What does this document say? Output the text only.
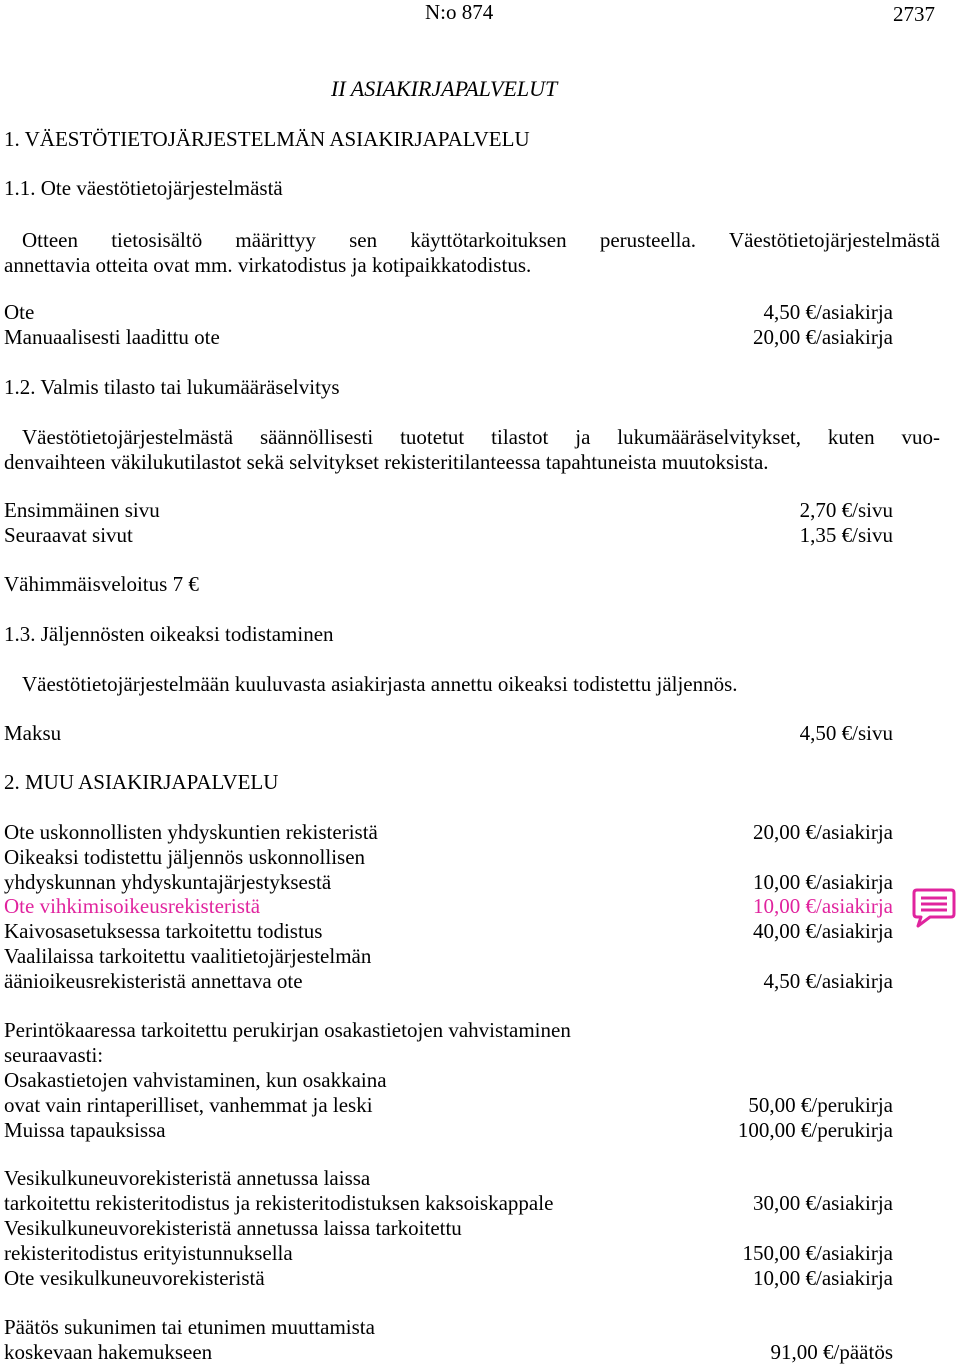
N:o 874	2737
II ASIAKIRJAPALVELUT
1. VÄESTÖTIETOJÄRJESTELMÄN ASIAKIRJAPALVELU
1.1. Ote väestötietojärjestelmästä
Otteen tietosisältö määrittyy sen käyttötarkoituksen perusteella. Väestötietojärjestelmästä
annettavia otteita ovat mm. virkatodistus ja kotipaikkatodistus.
Ote	4,50 €/asiakirja
Manuaalisesti laadittu ote	20,00 €/asiakirja
1.2. Valmis tilasto tai lukumääräselvitys
Väestötietojärjestelmästä säännöllisesti tuotetut tilastot ja lukumääräselvitykset, kuten vuo-
denvaihteen väkilukutilastot sekä selvitykset rekisteritilanteessa tapahtuneista muutoksista.
Ensimmäinen sivu	2,70 €/sivu
Seuraavat sivut	1,35 €/sivu
Vähimmäisveloitus 7 €
1.3. Jäljennösten oikeaksi todistaminen
Väestötietojärjestelmään kuuluvasta asiakirjasta annettu oikeaksi todistettu jäljennös.
Maksu	4,50 €/sivu
2. MUU ASIAKIRJAPALVELU
Ote uskonnollisten yhdyskuntien rekisteristä	20,00 €/asiakirja
Oikeaksi todistettu jäljennös uskonnollisen
yhdyskunnan yhdyskuntajärjestyksestä	10,00 €/asiakirja
Ote vihkimisoikeusrekisteristä	10,00 €/asiakirja
Kaivosasetuksessa tarkoitettu todistus	40,00 €/asiakirja
Vaalilaissa tarkoitettu vaalitietojärjestelmän
äänioikeusrekisteristä annettava ote	4,50 €/asiakirja
Perintökaaressa tarkoitettu perukirjan osakastietojen vahvistaminen
seuraavasti:
Osakastietojen vahvistaminen, kun osakkaina
ovat vain rintaperilliset, vanhemmat ja leski	50,00 €/perukirja
Muissa tapauksissa	100,00 €/perukirja
Vesikulkuneuvorekisteristä annetussa laissa
tarkoitettu rekisteritodistus ja rekisteritodistuksen kaksoiskappale	30,00 €/asiakirja
Vesikulkuneuvorekisteristä annetussa laissa tarkoitettu
rekisteritodistus erityistunnuksella	150,00 €/asiakirja
Ote vesikulkuneuvorekisteristä	10,00 €/asiakirja
Päätös sukunimen tai etunimen muuttamista
koskevaan hakemukseen	91,00 €/päätös
